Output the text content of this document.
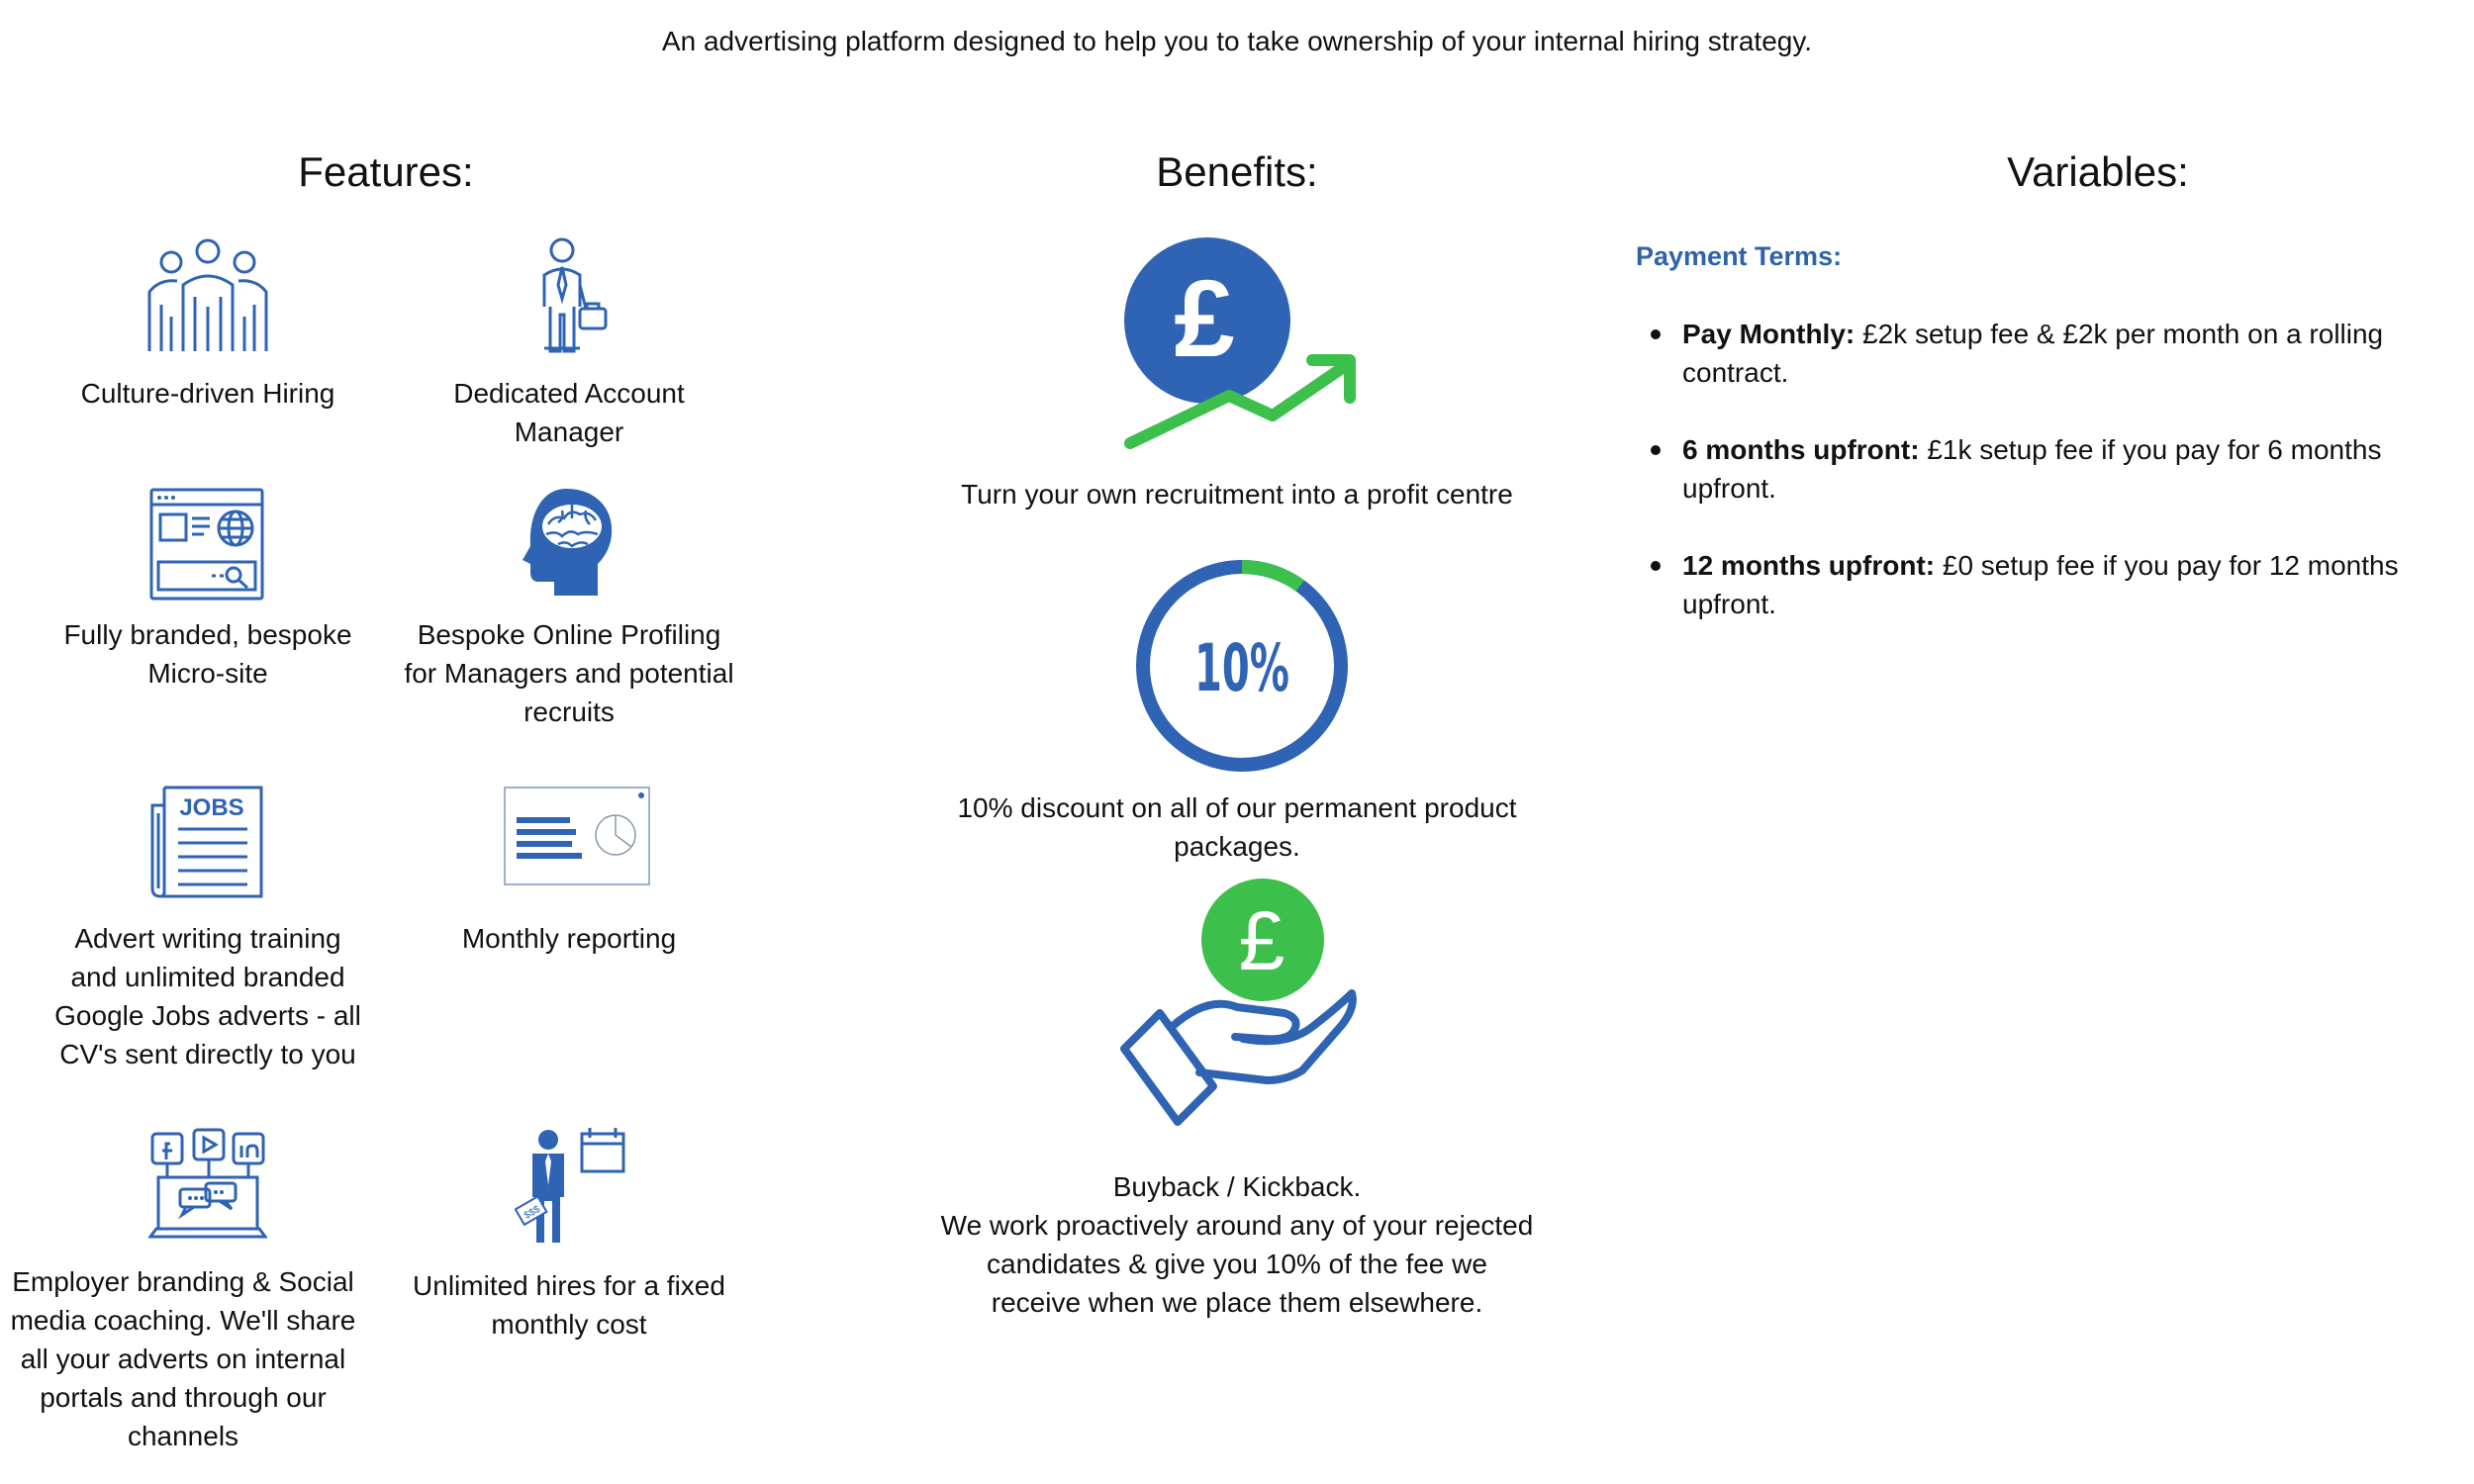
An advertising platform designed to help you to take ownership of your internal hiring strategy.
Features:	Benefits:	Variables:
Culture-driven Hiring	Dedicated Account Manager
Fully branded, bespoke Micro-site
Bespoke Online Profiling for Managers and potential recruits
JOBS
Advert writing training and unlimited branded Google Jobs adverts - all CV's sent directly to you
Monthly reporting
Employer branding & Social media coaching. We'll share all your adverts on internal portals and through our channels
$$$
Unlimited hires for a fixed monthly cost
£
Turn your own recruitment into a profit centre
10%
10% discount on all of our permanent product packages.
£
Buyback / Kickback.
We work proactively around any of your rejected candidates & give you 10% of the fee we receive when we place them elsewhere.
Payment Terms:
Pay Monthly: £2k setup fee & £2k per month on a rolling contract.
6 months upfront: £1k setup fee if you pay for 6 months upfront.
12 months upfront: £0 setup fee if you pay for 12 months upfront.
